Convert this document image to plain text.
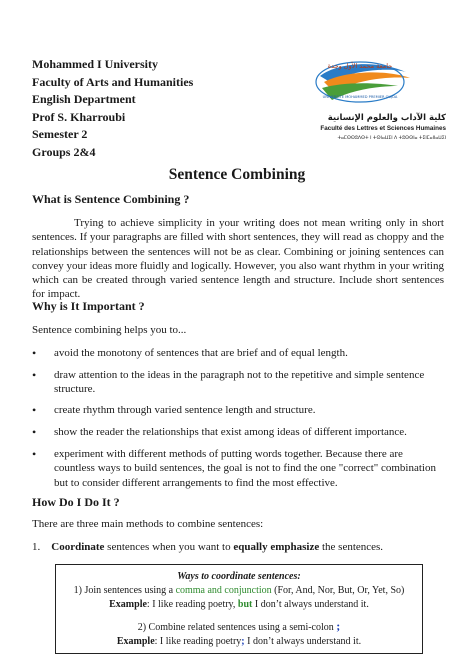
Mohammed I University
Faculty of Arts and Humanities
English Department
Prof S. Kharroubi
Semester 2
Groups 2&4
جامعة محمد الأول وجدة
UNIVERSITE MOHAMMED PREMIER OUJDA
كلية الآداب والعلوم الإنسانية
Faculté des Lettres et Sciences Humaines
ⵜⴰⵎⵙⵙⵓⴷⵙⵜ ⵏ ⵜⵙⵏⴰⵡⵉⵏ ⴷ ⵜⵓⵙⵙⵏⴰ ⵜⵉⵏⵎⴰⵏⵏⴰⵡⵉⵏ
Sentence Combining
What is Sentence Combining ?
Trying to achieve simplicity in your writing does not mean writing only in short sentences. If your paragraphs are filled with short sentences, they will read as choppy and the relationships between the sentences will not be as clear. Combining or joining sentences can convey your ideas more fluidly and logically. However, you also want rhythm in your writing which can be created through varied sentence length and structure. Include short sentences for impact.
Why is It Important ?
Sentence combining helps you to...
• avoid the monotony of sentences that are brief and of equal length.
• draw attention to the ideas in the paragraph not to the repetitive and simple sentence structure.
• create rhythm through varied sentence length and structure.
• show the reader the relationships that exist among ideas of different importance.
• experiment with different methods of putting words together. Because there are countless ways to build sentences, the goal is not to find the one "correct" combination but to consider different arrangements to find the most effective.
How Do I Do It ?
There are three main methods to combine sentences:
1. Coordinate sentences when you want to equally emphasize the sentences.
Ways to coordinate sentences:
1) Join sentences using a comma and conjunction (For, And, Nor, But, Or, Yet, So)
Example: I like reading poetry, but I don’t always understand it.
2) Combine related sentences using a semi-colon ;
Example: I like reading poetry; I don’t always understand it.
